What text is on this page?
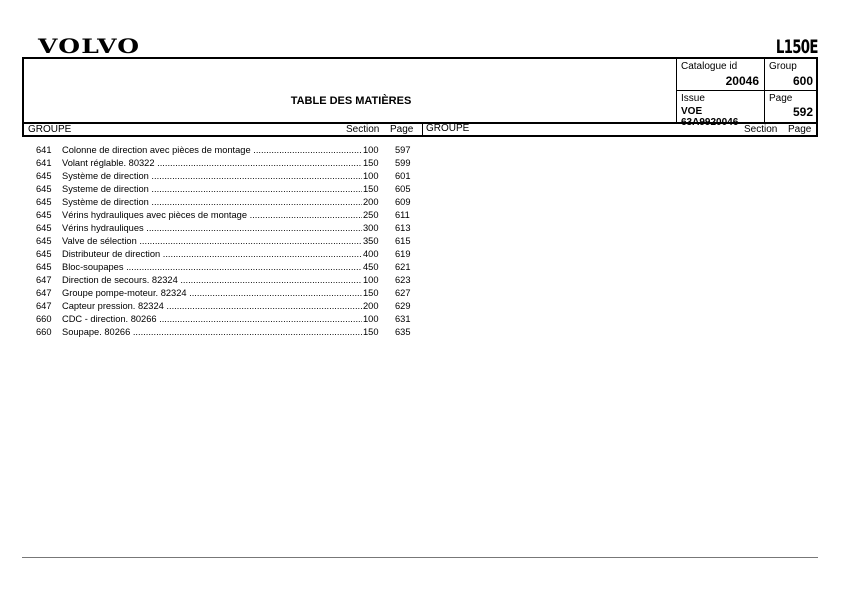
VOLVO	L150E
TABLE DES MATIÈRES
Catalogue id
20046
Group
600
Issue
VOE 63A9920046
Page
592
GROUPE	Section Page	GROUPE	Section Page
641 Colonne de direction avec pièces de montage .....	100 597
641 Volant réglable. 80322 .....	150 599
645 Système de direction .....	100 601
645 Systeme de direction .....	150 605
645 Système de direction .....	200 609
645 Vérins hydrauliques avec pièces de montage .....	250 611
645 Vérins hydrauliques .....	300 613
645 Valve de sélection .....	350 615
645 Distributeur de direction .....	400 619
645 Bloc-soupapes .....	450 621
647 Direction de secours. 82324 .....	100 623
647 Groupe pompe-moteur. 82324 .....	150 627
647 Capteur pression. 82324 .....	200 629
660 CDC - direction. 80266 .....	100 631
660 Soupape. 80266 .....	150 635
